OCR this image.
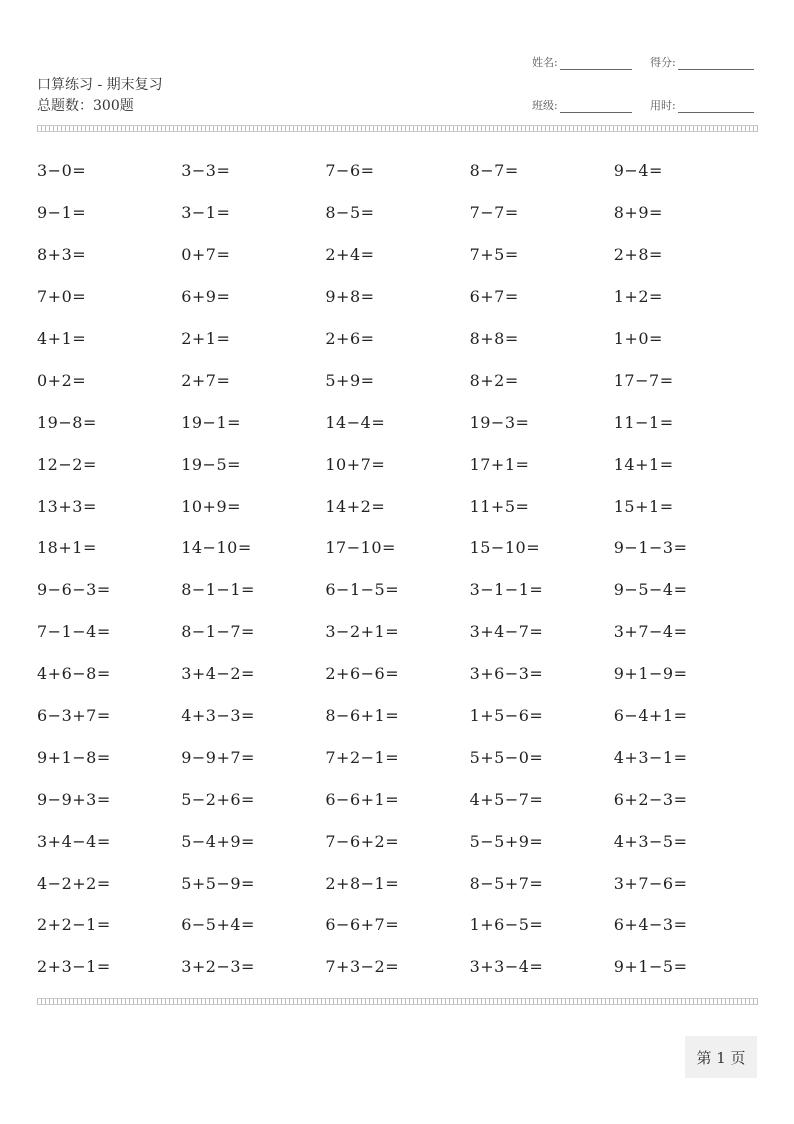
口算练习 - 期末复习
总题数：300题
姓名:	得分:
班级:	用时:
3−0=	3−3=	7−6=	8−7=	9−4=
9−1=	3−1=	8−5=	7−7=	8+9=
8+3=	0+7=	2+4=	7+5=	2+8=
7+0=	6+9=	9+8=	6+7=	1+2=
4+1=	2+1=	2+6=	8+8=	1+0=
0+2=	2+7=	5+9=	8+2=	17−7=
19−8=	19−1=	14−4=	19−3=	11−1=
12−2=	19−5=	10+7=	17+1=	14+1=
13+3=	10+9=	14+2=	11+5=	15+1=
18+1=	14−10=	17−10=	15−10=	9−1−3=
9−6−3=	8−1−1=	6−1−5=	3−1−1=	9−5−4=
7−1−4=	8−1−7=	3−2+1=	3+4−7=	3+7−4=
4+6−8=	3+4−2=	2+6−6=	3+6−3=	9+1−9=
6−3+7=	4+3−3=	8−6+1=	1+5−6=	6−4+1=
9+1−8=	9−9+7=	7+2−1=	5+5−0=	4+3−1=
9−9+3=	5−2+6=	6−6+1=	4+5−7=	6+2−3=
3+4−4=	5−4+9=	7−6+2=	5−5+9=	4+3−5=
4−2+2=	5+5−9=	2+8−1=	8−5+7=	3+7−6=
2+2−1=	6−5+4=	6−6+7=	1+6−5=	6+4−3=
2+3−1=	3+2−3=	7+3−2=	3+3−4=	9+1−5=
第 1 页
